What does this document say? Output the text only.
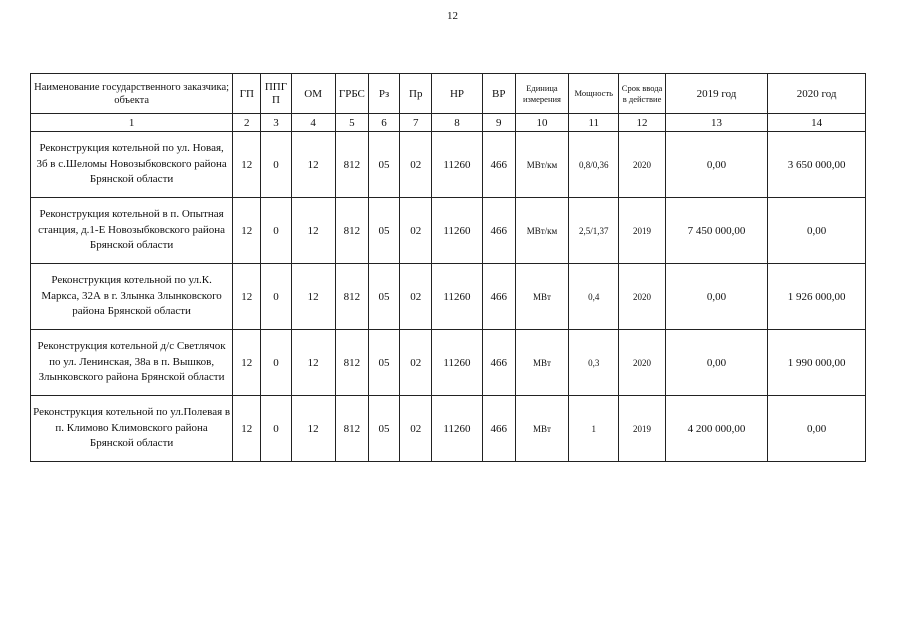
12
Наименование государственного заказчика; объекта	ГП	ППГП	ОМ	ГРБС	Рз	Пр	НР	ВР	Единица измерения	Мощность	Срок ввода в действие	2019 год	2020 год
1	2	3	4	5	6	7	8	9	10	11	12	13	14
Реконструкция котельной по ул. Новая, 3б в с.Шеломы Новозыбковского района Брянской области	12	0	12	812	05	02	11260	466	МВт/км	0,8/0,36	2020	0,00	3 650 000,00
Реконструкция котельной в п. Опытная станция, д.1-Е Новозыбковского района Брянской области	12	0	12	812	05	02	11260	466	МВт/км	2,5/1,37	2019	7 450 000,00	0,00
Реконструкция котельной по ул.К. Маркса, 32А в г. Злынка Злынковского района Брянской области	12	0	12	812	05	02	11260	466	МВт	0,4	2020	0,00	1 926 000,00
Реконструкция котельной д/с Светлячок по ул. Ленинская, 38а в п. Вышков, Злынковского района Брянской области	12	0	12	812	05	02	11260	466	МВт	0,3	2020	0,00	1 990 000,00
Реконструкция котельной по ул.Полевая в п. Климово Климовского района Брянской области	12	0	12	812	05	02	11260	466	МВт	1	2019	4 200 000,00	0,00
